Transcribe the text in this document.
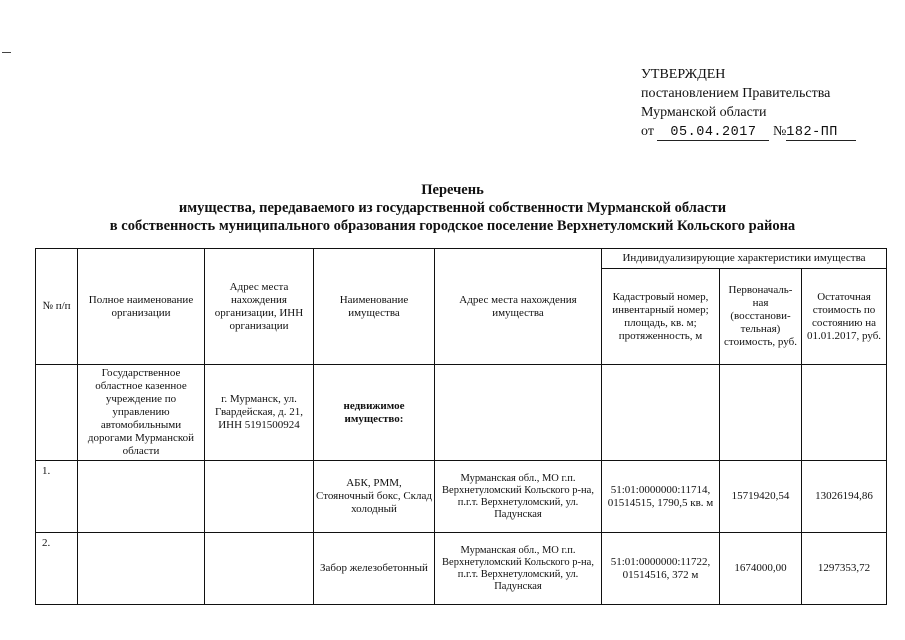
УТВЕРЖДЕН
постановлением Правительства
Мурманской области
от 05.04.2017 №182-ПП
Перечень
имущества, передаваемого из государственной собственности Мурманской области
в собственность муниципального образования городское поселение Верхнетуломский Кольского района
№ п/п	Полное наименование организации	Адрес места нахождения организации, ИНН организации	Наименование имущества	Адрес места нахождения имущества	Индивидуализирующие характеристики имущества		
					Кадастровый номер, инвентарный номер; площадь, кв. м; протяженность, м	Первоначаль-ная (восстанови-тельная) стоимость, руб.	Остаточная стоимость по состоянию на 01.01.2017, руб.
	Государственное областное казенное учреждение по управлению автомобильными дорогами Мурманской области	г. Мурманск, ул. Гвардейская, д. 21, ИНН 5191500924	недвижимое имущество:				
1.			АБК, РММ, Стояночный бокс, Склад холодный	Мурманская обл., МО г.п. Верхнетуломский Кольского р-на, п.г.т. Верхнетуломский, ул. Падунская	51:01:0000000:11714, 01514515, 1790,5 кв. м	15719420,54	13026194,86
2.			Забор железобетонный	Мурманская обл., МО г.п. Верхнетуломский Кольского р-на, п.г.т. Верхнетуломский, ул. Падунская	51:01:0000000:11722, 01514516, 372 м	1674000,00	1297353,72
